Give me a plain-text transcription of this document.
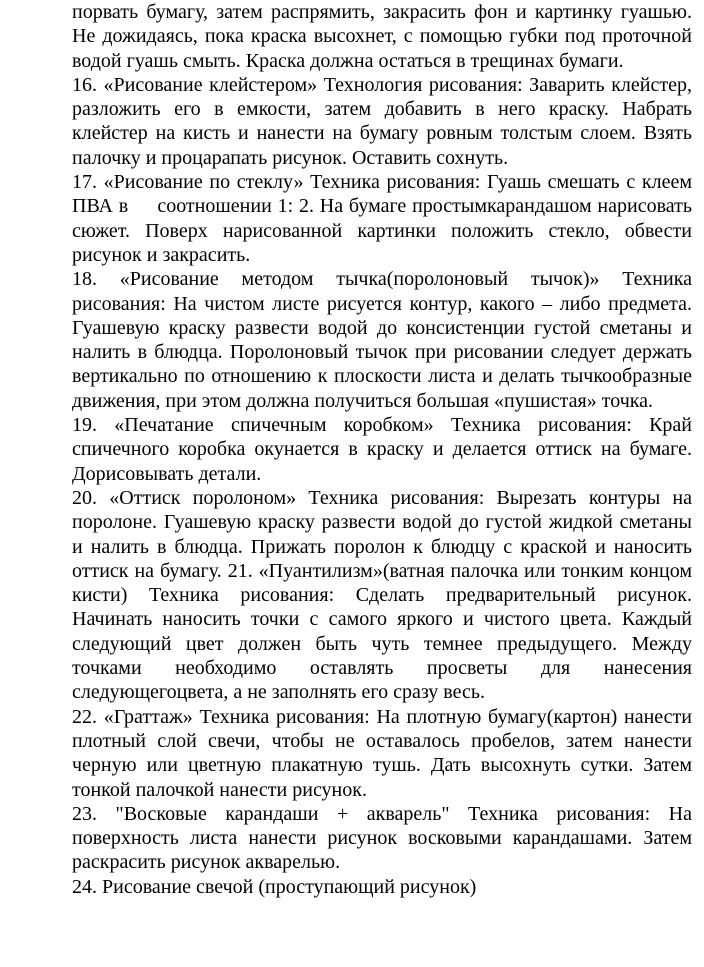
порвать бумагу, затем распрямить, закрасить фон и картинку гуашью. Не дожидаясь, пока краска высохнет, с помощью губки под проточной водой гуашь смыть. Краска должна остаться в трещинах бумаги.

16. «Рисование клейстером» Технология рисования: Заварить клейстер, разложить его в емкости, затем добавить в него краску. Набрать клейстер на кисть и нанести на бумагу ровным толстым слоем. Взять палочку и процарапать рисунок. Оставить сохнуть.

17. «Рисование по стеклу» Техника рисования: Гуашь смешать с клеем ПВА в     соотношении 1: 2. На бумаге простымкарандашом нарисовать сюжет. Поверх нарисованной картинки положить стекло, обвести рисунок и закрасить.

18. «Рисование методом тычка(поролоновый тычок)» Техника рисования: На чистом листе рисуется контур, какого – либо предмета. Гуашевую краску развести водой до консистенции густой сметаны и налить в блюдца. Поролоновый тычок при рисовании следует держать вертикально по отношению к плоскости листа и делать тычкообразные движения, при этом должна получиться большая «пушистая» точка.

19. «Печатание спичечным коробком» Техника рисования: Край спичечного коробка окунается в краску и делается оттиск на бумаге. Дорисовывать детали.

20. «Оттиск поролоном» Техника рисования: Вырезать контуры на поролоне. Гуашевую краску развести водой до густой жидкой сметаны и налить в блюдца. Прижать поролон к блюдцу с краской и наносить оттиск на бумагу. 21. «Пуантилизм»(ватная палочка или тонким концом кисти) Техника рисования: Сделать предварительный рисунок. Начинать наносить точки с самого яркого и чистого цвета. Каждый следующий цвет должен быть чуть темнее предыдущего. Между точками необходимо оставлять просветы для нанесения следующегоцвета, а не заполнять его сразу весь.

22. «Граттаж» Техника рисования: На плотную бумагу(картон) нанести плотный слой свечи, чтобы не оставалось пробелов, затем нанести черную или цветную плакатную тушь. Дать высохнуть сутки. Затем тонкой палочкой нанести рисунок.

23. "Восковые карандаши + акварель" Техника рисования: На поверхность листа нанести рисунок восковыми карандашами. Затем раскрасить рисунок акварелью.

24. Рисование свечой (проступающий рисунок)
